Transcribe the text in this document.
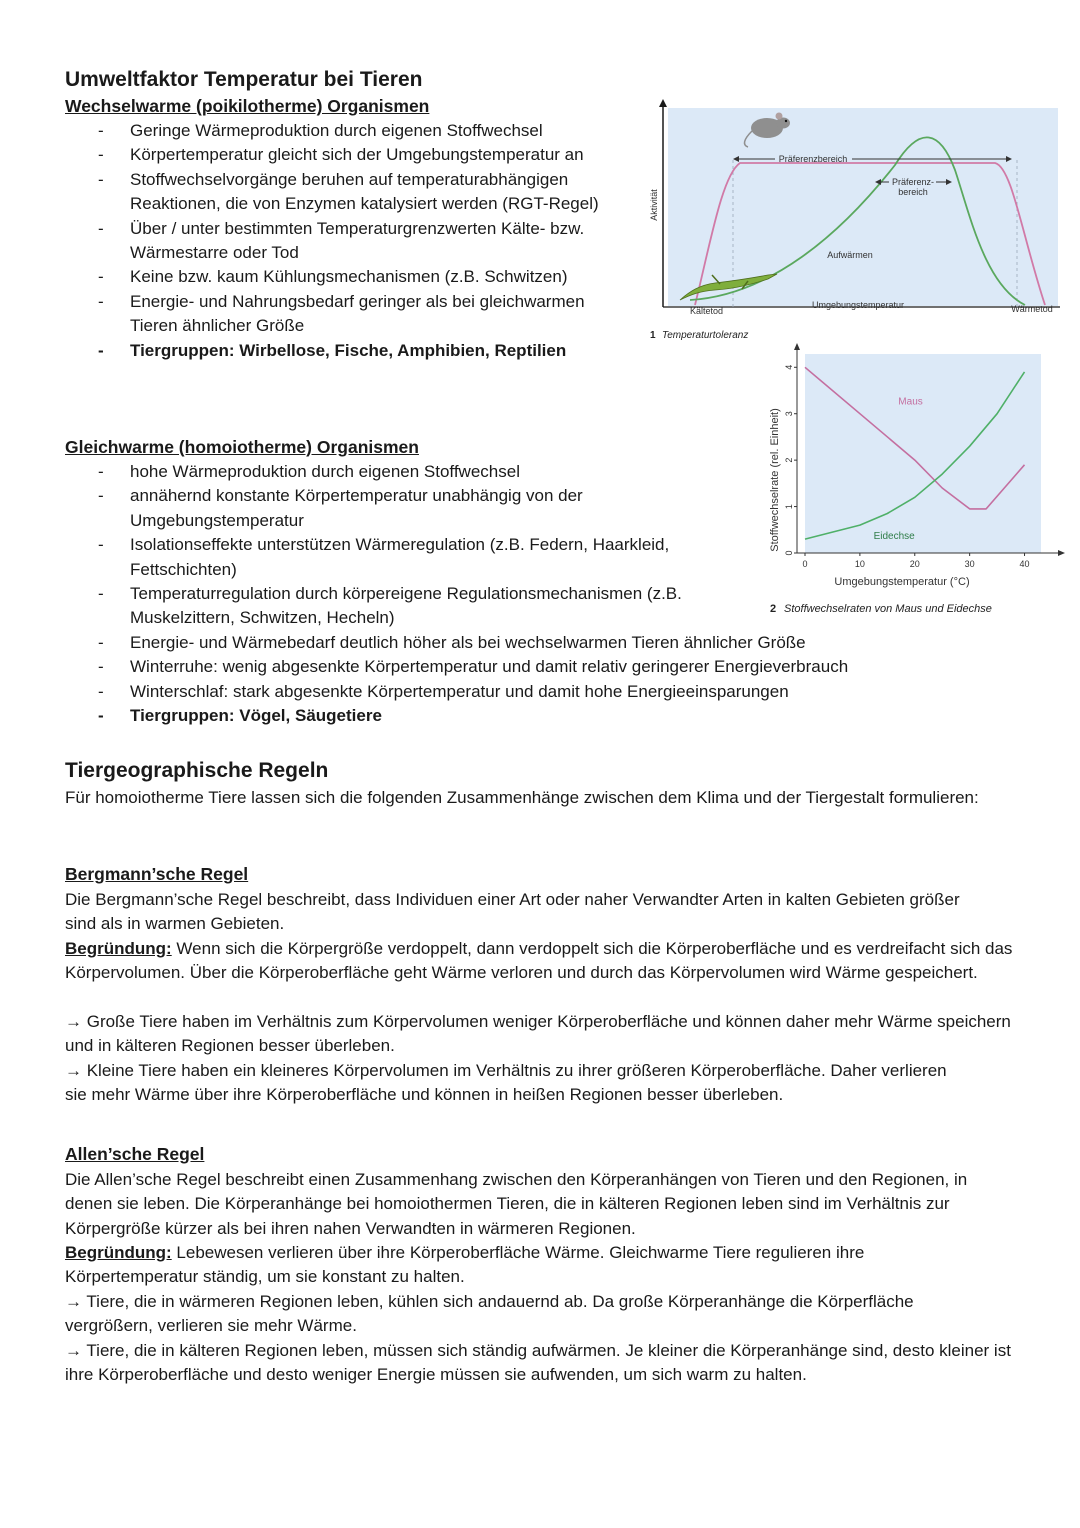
Umweltfaktor Temperatur bei Tieren
Wechselwarme (poikilotherme) Organismen
- Geringe Wärmeproduktion durch eigenen Stoffwechsel
- Körpertemperatur gleicht sich der Umgebungstemperatur an
- Stoffwechselvorgänge beruhen auf temperaturabhängigen Reaktionen, die von Enzymen katalysiert werden (RGT-Regel)
- Über / unter bestimmten Temperaturgrenzwerten Kälte- bzw. Wärmestarre oder Tod
- Keine bzw. kaum Kühlungsmechanismen (z.B. Schwitzen)
- Energie- und Nahrungsbedarf geringer als bei gleichwarmen Tieren ähnlicher Größe
- Tiergruppen: Wirbellose, Fische, Amphibien, Reptilien
Gleichwarme (homoiotherme) Organismen
- hohe Wärmeproduktion durch eigenen Stoffwechsel
- annähernd konstante Körpertemperatur unabhängig von der Umgebungstemperatur
- Isolationseffekte unterstützen Wärmeregulation (z.B. Federn, Haarkleid, Fettschichten)
- Temperaturregulation durch körpereigene Regulationsmechanismen (z.B. Muskelzittern, Schwitzen, Hecheln)
- Energie- und Wärmebedarf deutlich höher als bei wechselwarmen Tieren ähnlicher Größe
- Winterruhe: wenig abgesenkte Körpertemperatur und damit relativ geringerer Energieverbrauch
- Winterschlaf: stark abgesenkte Körpertemperatur und damit hohe Energieeinsparungen
- Tiergruppen: Vögel, Säugetiere
Aktivität
Präferenzbereich
Präferenz-
bereich
Aufwärmen
Kältetod
Umgebungstemperatur	Wärmetod
1 Temperaturtoleranz
0	10	20	30	40
0
1
2
3
4
Maus
Eidechse
Stoffwechselrate (rel. Einheit)
Umgebungstemperatur (°C)
2 Stoffwechselraten von Maus und Eidechse
Tiergeographische Regeln
Für homoiotherme Tiere lassen sich die folgenden Zusammenhänge zwischen dem Klima und der Tiergestalt formulieren:
Bergmann’sche Regel
Die Bergmann’sche Regel beschreibt, dass Individuen einer Art oder naher Verwandter Arten in kalten Gebieten größer sind als in warmen Gebieten.
Begründung: Wenn sich die Körpergröße verdoppelt, dann verdoppelt sich die Körperoberfläche und es verdreifacht sich das Körpervolumen. Über die Körperoberfläche geht Wärme verloren und durch das Körpervolumen wird Wärme gespeichert.
→ Große Tiere haben im Verhältnis zum Körpervolumen weniger Körperoberfläche und können daher mehr Wärme speichern und in kälteren Regionen besser überleben.
→ Kleine Tiere haben ein kleineres Körpervolumen im Verhältnis zu ihrer größeren Körperoberfläche. Daher verlieren sie mehr Wärme über ihre Körperoberfläche und können in heißen Regionen besser überleben.
Allen’sche Regel
Die Allen’sche Regel beschreibt einen Zusammenhang zwischen den Körperanhängen von Tieren und den Regionen, in denen sie leben. Die Körperanhänge bei homoiothermen Tieren, die in kälteren Regionen leben sind im Verhältnis zur Körpergröße kürzer als bei ihren nahen Verwandten in wärmeren Regionen.
Begründung: Lebewesen verlieren über ihre Körperoberfläche Wärme. Gleichwarme Tiere regulieren ihre Körpertemperatur ständig, um sie konstant zu halten.
→ Tiere, die in wärmeren Regionen leben, kühlen sich andauernd ab. Da große Körperanhänge die Körperfläche vergrößern, verlieren sie mehr Wärme.
→ Tiere, die in kälteren Regionen leben, müssen sich ständig aufwärmen. Je kleiner die Körperanhänge sind, desto kleiner ist ihre Körperoberfläche und desto weniger Energie müssen sie aufwenden, um sich warm zu halten.
